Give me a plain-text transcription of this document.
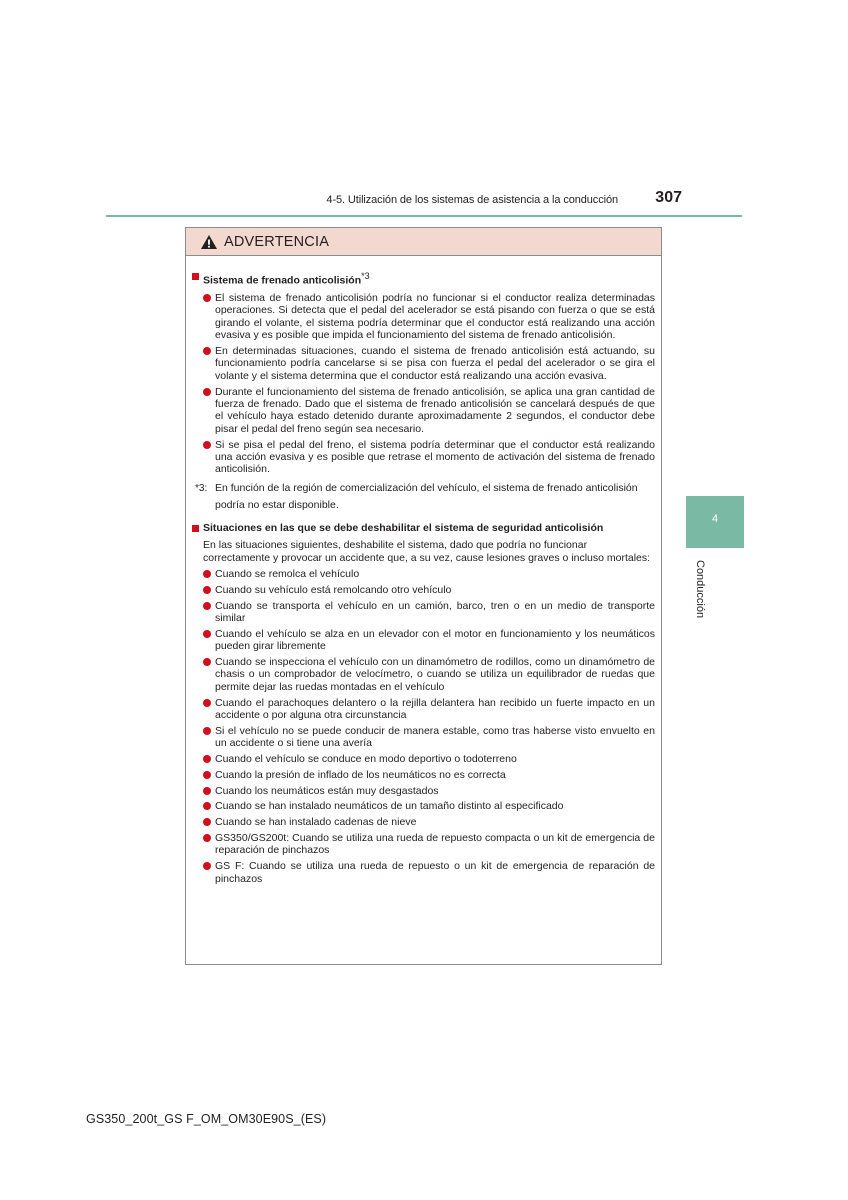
4-5. Utilización de los sistemas de asistencia a la conducción	307
4
Conducción
ADVERTENCIA
Sistema de frenado anticolisión$^{*3}$
El sistema de frenado anticolisión podría no funcionar si el conductor realiza determinadas operaciones. Si detecta que el pedal del acelerador se está pisando con fuerza o que se está girando el volante, el sistema podría determinar que el conductor está realizando una acción evasiva y es posible que impida el funcionamiento del sistema de frenado anticolisión.
En determinadas situaciones, cuando el sistema de frenado anticolisión está actuando, su funcionamiento podría cancelarse si se pisa con fuerza el pedal del acelerador o se gira el volante y el sistema determina que el conductor está realizando una acción evasiva.
Durante el funcionamiento del sistema de frenado anticolisión, se aplica una gran cantidad de fuerza de frenado. Dado que el sistema de frenado anticolisión se cancelará después de que el vehículo haya estado detenido durante aproximadamente 2 segundos, el conductor debe pisar el pedal del freno según sea necesario.
Si se pisa el pedal del freno, el sistema podría determinar que el conductor está realizando una acción evasiva y es posible que retrase el momento de activación del sistema de frenado anticolisión.
*3: En función de la región de comercialización del vehículo, el sistema de frenado anticolisión podría no estar disponible.
Situaciones en las que se debe deshabilitar el sistema de seguridad anticolisión
En las situaciones siguientes, deshabilite el sistema, dado que podría no funcionar correctamente y provocar un accidente que, a su vez, cause lesiones graves o incluso mortales:
Cuando se remolca el vehículo
Cuando su vehículo está remolcando otro vehículo
Cuando se transporta el vehículo en un camión, barco, tren o en un medio de transporte similar
Cuando el vehículo se alza en un elevador con el motor en funcionamiento y los neumáticos pueden girar libremente
Cuando se inspecciona el vehículo con un dinamómetro de rodillos, como un dinamómetro de chasis o un comprobador de velocímetro, o cuando se utiliza un equilibrador de ruedas que permite dejar las ruedas montadas en el vehículo
Cuando el parachoques delantero o la rejilla delantera han recibido un fuerte impacto en un accidente o por alguna otra circunstancia
Si el vehículo no se puede conducir de manera estable, como tras haberse visto envuelto en un accidente o si tiene una avería
Cuando el vehículo se conduce en modo deportivo o todoterreno
Cuando la presión de inflado de los neumáticos no es correcta
Cuando los neumáticos están muy desgastados
Cuando se han instalado neumáticos de un tamaño distinto al especificado
Cuando se han instalado cadenas de nieve
GS350/GS200t: Cuando se utiliza una rueda de repuesto compacta o un kit de emergencia de reparación de pinchazos
GS F: Cuando se utiliza una rueda de repuesto o un kit de emergencia de reparación de pinchazos
GS350_200t_GS F_OM_OM30E90S_(ES)
